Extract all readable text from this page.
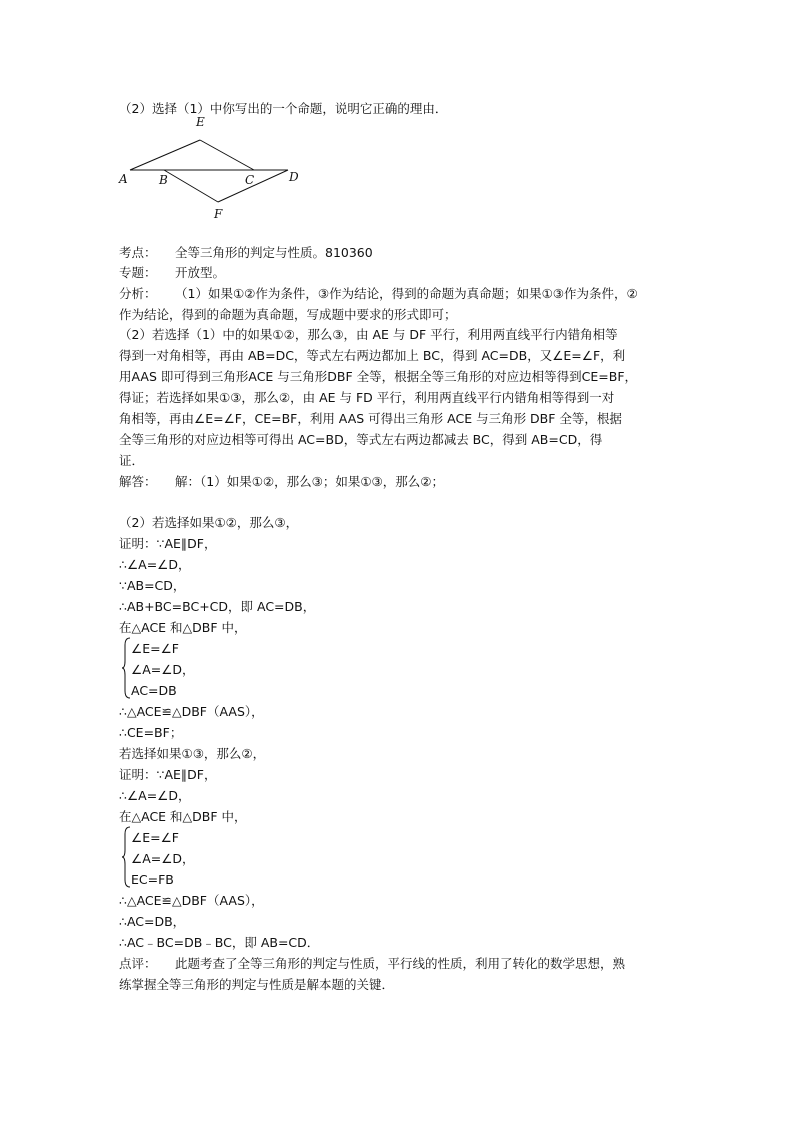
（2）选择（1）中你写出的一个命题，说明它正确的理由．
E
A	B	C	D
F
考点： 全等三角形的判定与性质。810360
专题： 开放型。
分析： （1）如果①②作为条件，③作为结论，得到的命题为真命题；如果①③作为条件，②
作为结论，得到的命题为真命题，写成题中要求的形式即可；
（2）若选择（1）中的如果①②，那么③，由 AE 与 DF 平行，利用两直线平行内错角相等
得到一对角相等，再由 AB=DC，等式左右两边都加上 BC，得到 AC=DB，又∠E=∠F，利
用AAS 即可得到三角形ACE 与三角形DBF 全等，根据全等三角形的对应边相等得到CE=BF，
得证；若选择如果①③，那么②，由 AE 与 FD 平行，利用两直线平行内错角相等得到一对
角相等，再由∠E=∠F，CE=BF，利用 AAS 可得出三角形 ACE 与三角形 DBF 全等，根据
全等三角形的对应边相等可得出 AC=BD，等式左右两边都减去 BC，得到 AB=CD，得
证．
解答： 解：（1）如果①②，那么③；如果①③，那么②；
（2）若选择如果①②，那么③，
证明：∵AE∥DF，
∴∠A=∠D，
∵AB=CD，
∴AB+BC=BC+CD，即 AC=DB，
在△ACE 和△DBF 中，
∠E=∠F
∠A=∠D，
AC=DB
∴△ACE≌△DBF（AAS），
∴CE=BF；
若选择如果①③，那么②，
证明：∵AE∥DF，
∴∠A=∠D，
在△ACE 和△DBF 中，
∠E=∠F
∠A=∠D，
EC=FB
∴△ACE≌△DBF（AAS），
∴AC=DB，
∴AC﹣BC=DB﹣BC，即 AB=CD．
点评： 此题考查了全等三角形的判定与性质，平行线的性质，利用了转化的数学思想，熟
练掌握全等三角形的判定与性质是解本题的关键．
